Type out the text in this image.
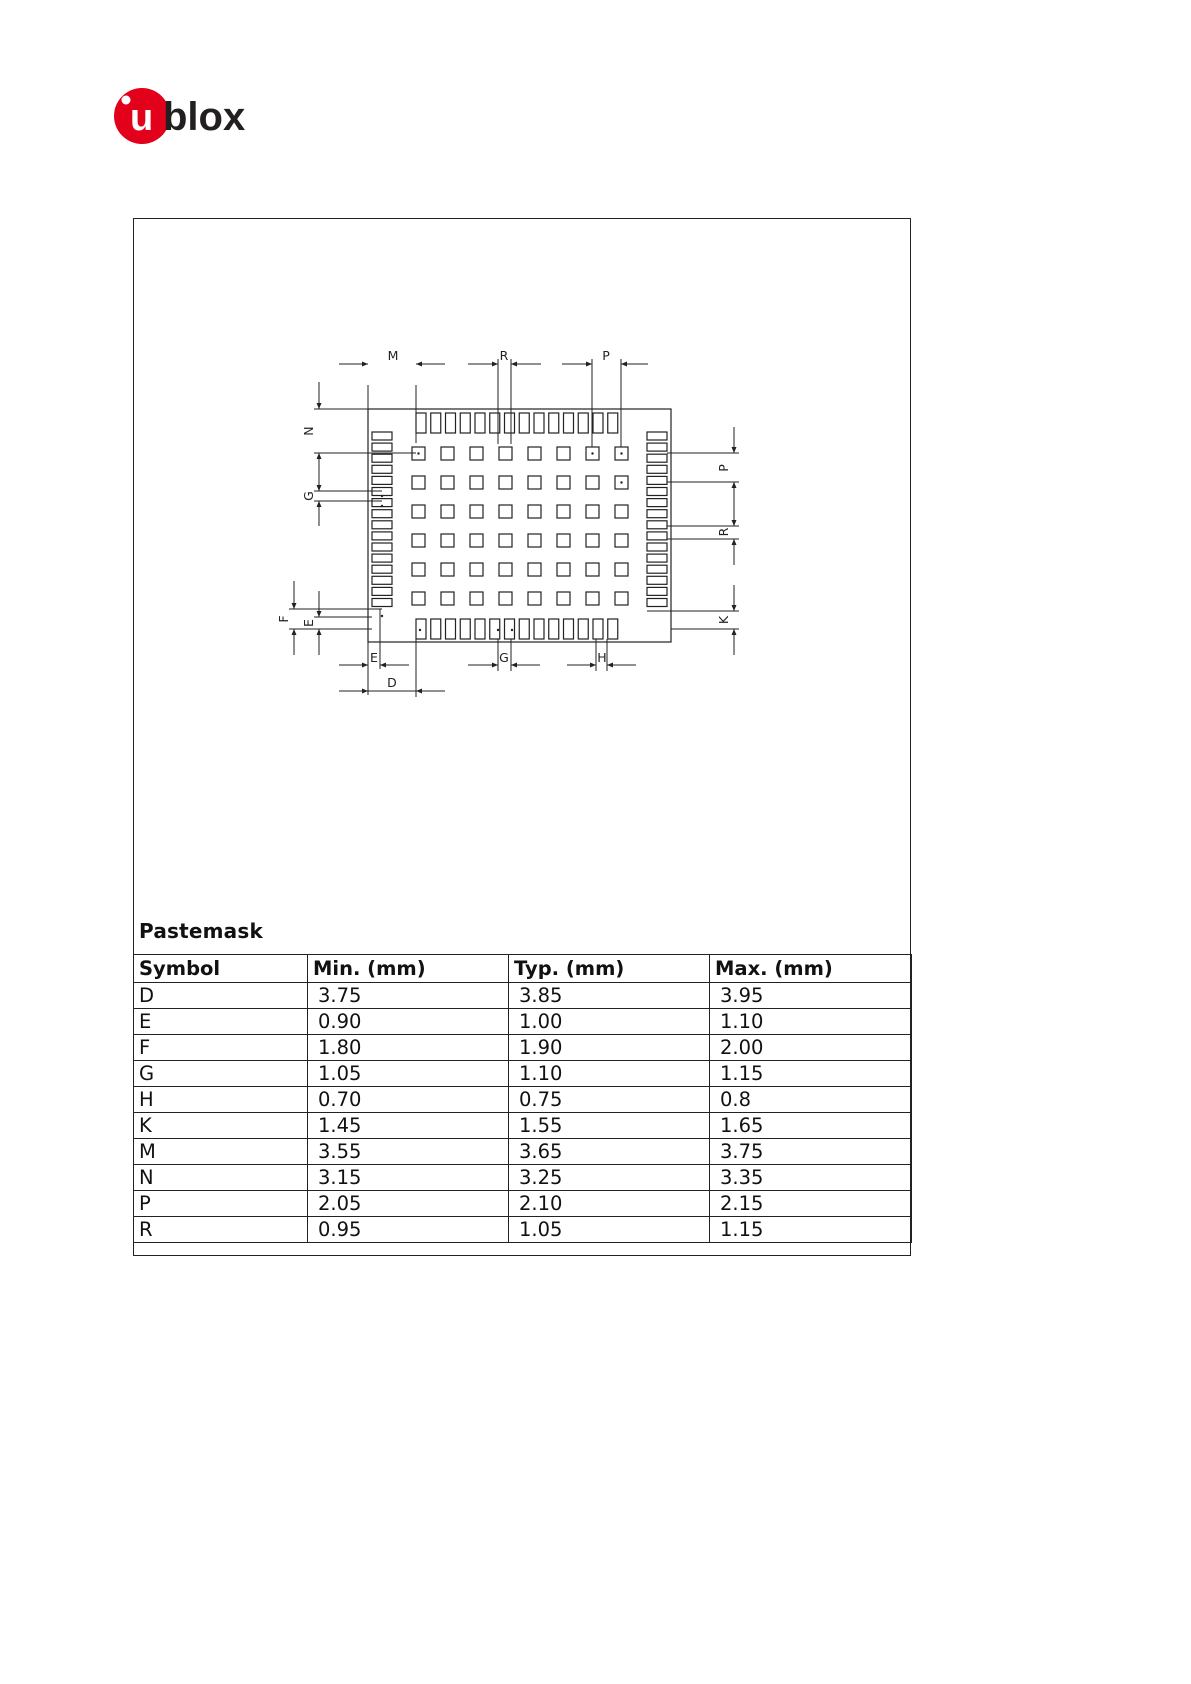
u blox
M	R	P
N
G
F
E
P
R
K
E	G	H
D
Pastemask
Symbol	Min. (mm)	Typ. (mm)	Max. (mm)
D	3.75	3.85	3.95
E	0.90	1.00	1.10
F	1.80	1.90	2.00
G	1.05	1.10	1.15
H	0.70	0.75	0.8
K	1.45	1.55	1.65
M	3.55	3.65	3.75
N	3.15	3.25	3.35
P	2.05	2.10	2.15
R	0.95	1.05	1.15
